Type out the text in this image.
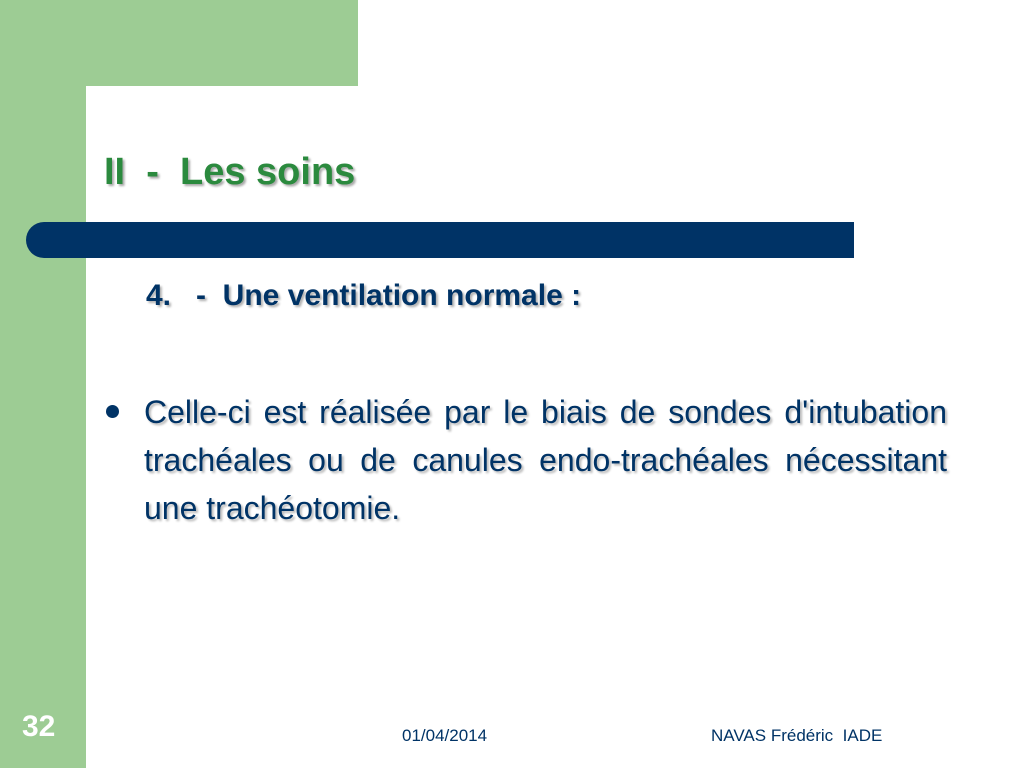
II  -  Les soins
4.   -  Une ventilation normale :

Celle-ci est réalisée par le biais de sondes d'intubation trachéales ou de canules endo-trachéales nécessitant une trachéotomie.

32	01/04/2014	NAVAS Frédéric  IADE
